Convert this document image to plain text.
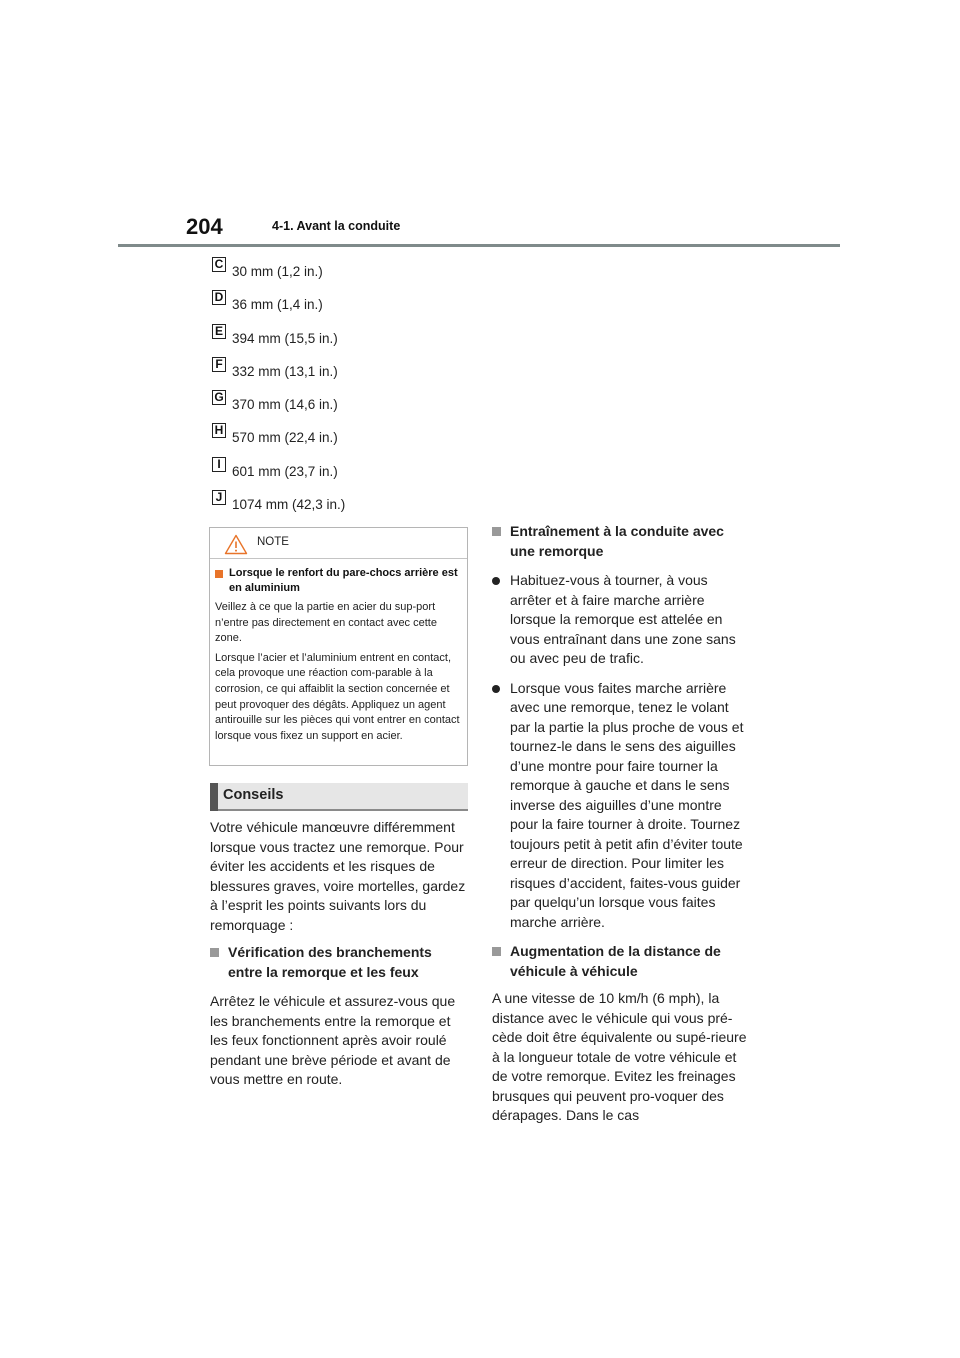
204	4-1. Avant la conduite
C 30 mm (1,2 in.)
D 36 mm (1,4 in.)
E 394 mm (15,5 in.)
F 332 mm (13,1 in.)
G 370 mm (14,6 in.)
H 570 mm (22,4 in.)
I 601 mm (23,7 in.)
J 1074 mm (42,3 in.)
NOTE
Lorsque le renfort du pare-chocs arrière est en aluminium
Veillez à ce que la partie en acier du sup-port n’entre pas directement en contact avec cette zone.
Lorsque l’acier et l’aluminium entrent en contact, cela provoque une réaction com-parable à la corrosion, ce qui affaiblit la section concernée et peut provoquer des dégâts. Appliquez un agent antirouille sur les pièces qui vont entrer en contact lorsque vous fixez un support en acier.
Conseils
Votre véhicule manœuvre différemment lorsque vous tractez une remorque. Pour éviter les accidents et les risques de blessures graves, voire mortelles, gardez à l’esprit les points suivants lors du remorquage :
Vérification des branchements entre la remorque et les feux
Arrêtez le véhicule et assurez-vous que les branchements entre la remorque et les feux fonctionnent après avoir roulé pendant une brève période et avant de vous mettre en route.
Entraînement à la conduite avec une remorque
Habituez-vous à tourner, à vous arrêter et à faire marche arrière lorsque la remorque est attelée en vous entraînant dans une zone sans ou avec peu de trafic.
Lorsque vous faites marche arrière avec une remorque, tenez le volant par la partie la plus proche de vous et tournez-le dans le sens des aiguilles d’une montre pour faire tourner la remorque à gauche et dans le sens inverse des aiguilles d’une montre pour la faire tourner à droite. Tournez toujours petit à petit afin d’éviter toute erreur de direction. Pour limiter les risques d’accident, faites-vous guider par quelqu’un lorsque vous faites marche arrière.
Augmentation de la distance de véhicule à véhicule
A une vitesse de 10 km/h (6 mph), la distance avec le véhicule qui vous pré-cède doit être équivalente ou supé-rieure à la longueur totale de votre véhicule et de votre remorque. Evitez les freinages brusques qui peuvent pro-voquer des dérapages. Dans le cas
